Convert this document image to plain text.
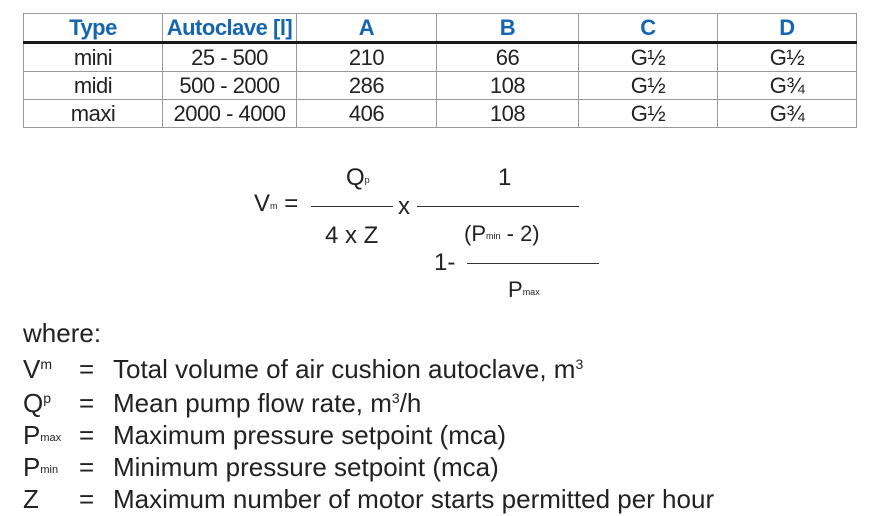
Type	Autoclave [l]	A	B	C	D
mini	25 - 500	210	66	G½	G½
midi	500 - 2000	286	108	G½	G¾
maxi	2000 - 4000	406	108	G½	G¾
Vm =
Qp
4 x Z
x
1
(Pmin - 2)
1-
Pmax
where:
$V^m$ = Total volume of air cushion autoclave, $m^3$
$Q^p$ = Mean pump flow rate, $m^3/h$
Pmax = Maximum pressure setpoint (mca)
Pmin = Minimum pressure setpoint (mca)
Z = Maximum number of motor starts permitted per hour
